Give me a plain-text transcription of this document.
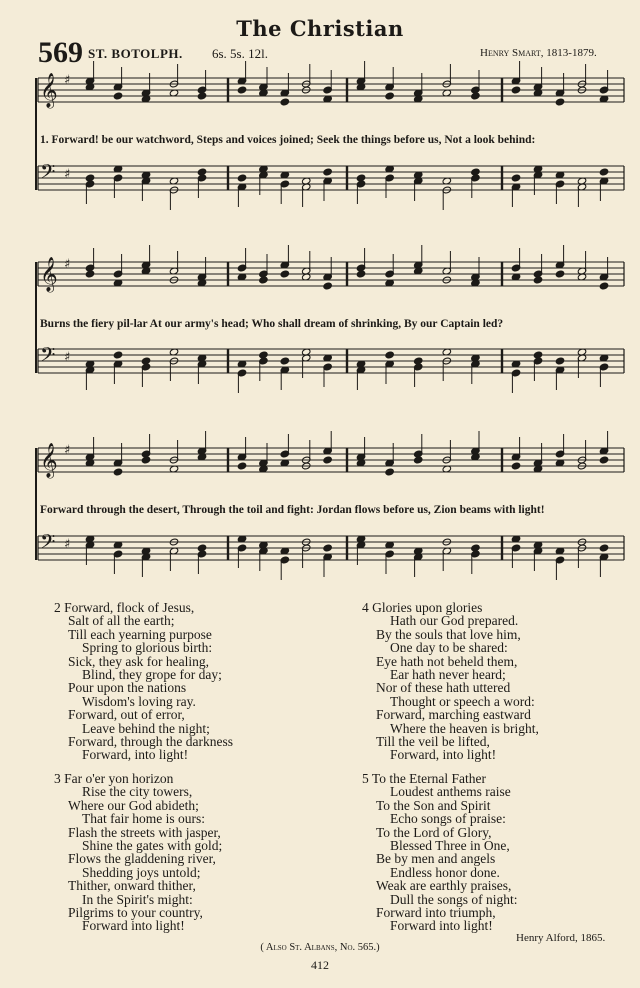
The Christian
569 ST. BOTOLPH. 6s. 5s. 12l.	Henry Smart, 1813-1879.
𝄞 ♯
𝄢 ♯
𝄞 ♯
𝄢 ♯
𝄞 ♯
𝄢 ♯
1. Forward! be our watchword, Steps and voices joined; Seek the things before us, Not a look behind:
Burns the fiery pil-lar At our army's head; Who shall dream of shrinking, By our Captain led?
Forward through the desert, Through the toil and fight: Jordan flows before us, Zion beams with light!
2 Forward, flock of Jesus,
Salt of all the earth;
Till each yearning purpose
Spring to glorious birth:
Sick, they ask for healing,
Blind, they grope for day;
Pour upon the nations
Wisdom's loving ray.
Forward, out of error,
Leave behind the night;
Forward, through the darkness
Forward, into light!
3 Far o'er yon horizon
Rise the city towers,
Where our God abideth;
That fair home is ours:
Flash the streets with jasper,
Shine the gates with gold;
Flows the gladdening river,
Shedding joys untold;
Thither, onward thither,
In the Spirit's might:
Pilgrims to your country,
Forward into light!
4 Glories upon glories
Hath our God prepared.
By the souls that love him,
One day to be shared:
Eye hath not beheld them,
Ear hath never heard;
Nor of these hath uttered
Thought or speech a word:
Forward, marching eastward
Where the heaven is bright,
Till the veil be lifted,
Forward, into light!
5 To the Eternal Father
Loudest anthems raise
To the Son and Spirit
Echo songs of praise:
To the Lord of Glory,
Blessed Three in One,
Be by men and angels
Endless honor done.
Weak are earthly praises,
Dull the songs of night:
Forward into triumph,
Forward into light!
Henry Alford, 1865.
( Also St. Albans, No. 565.)
412
